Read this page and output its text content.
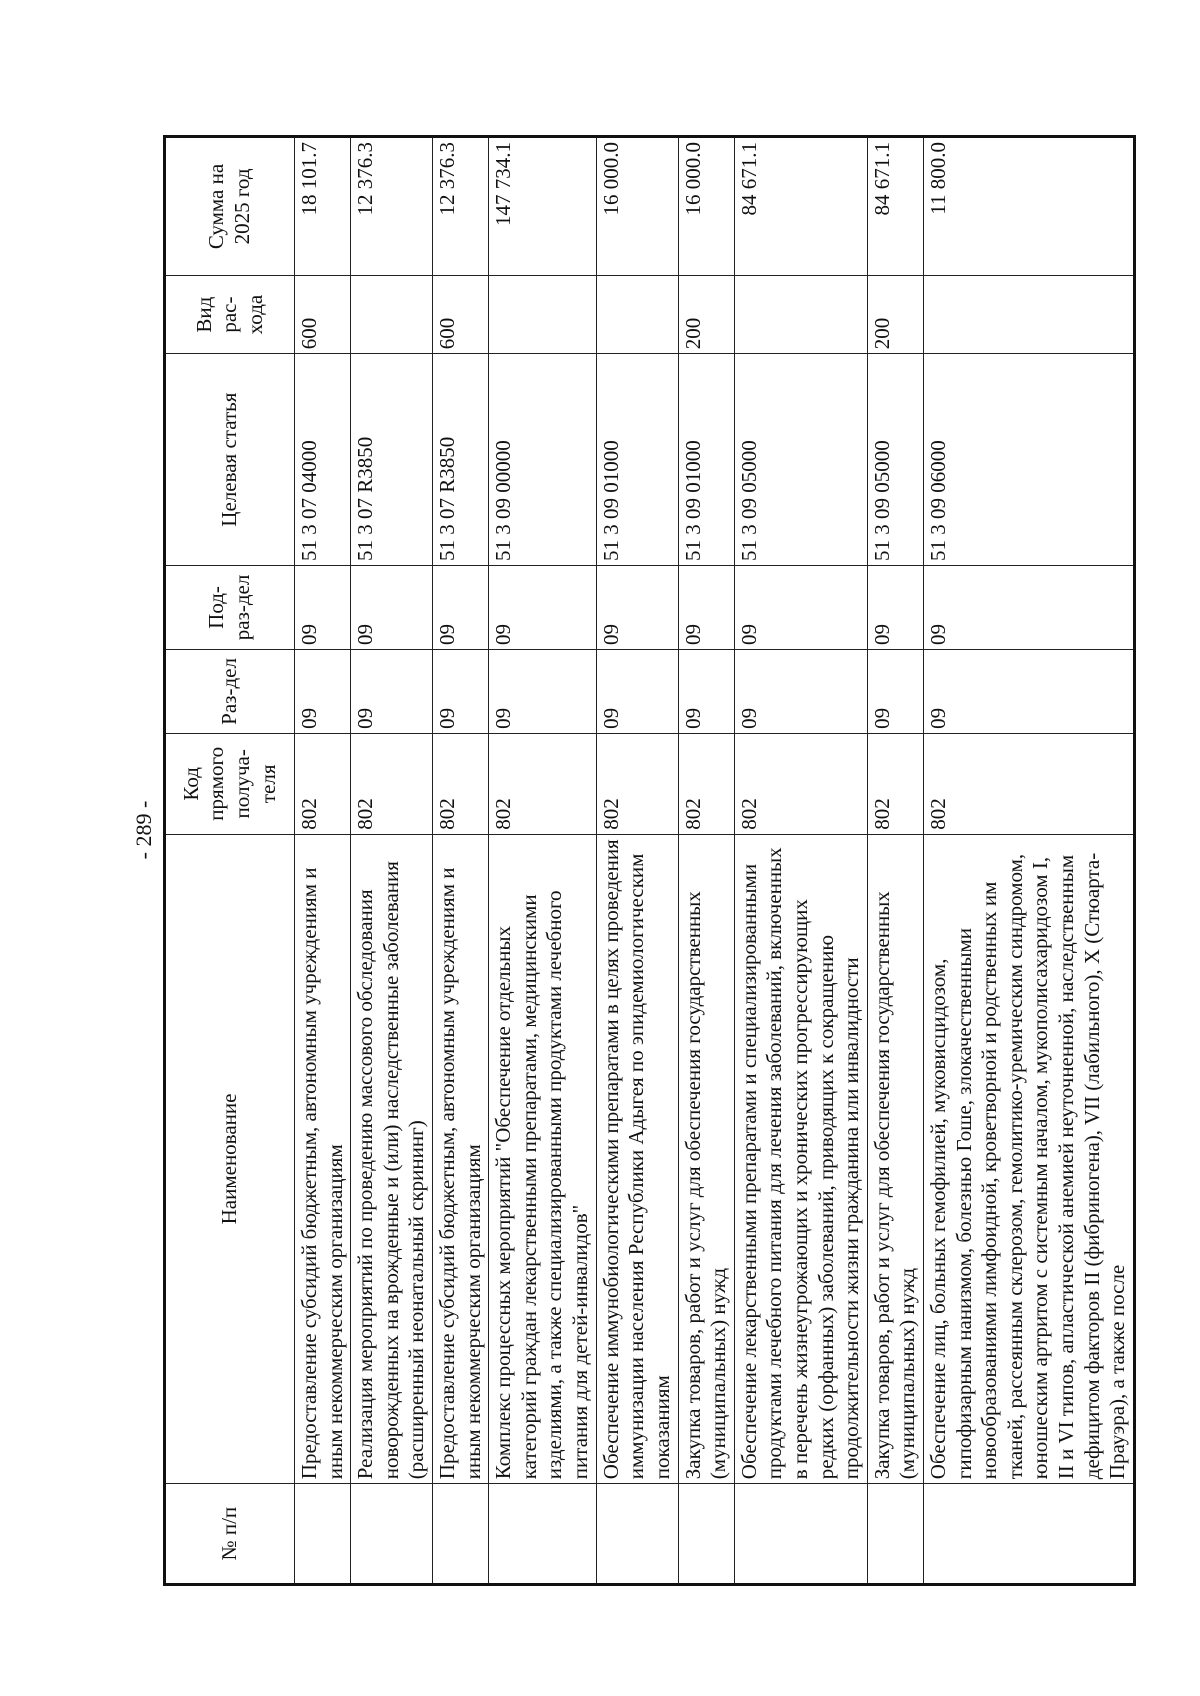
- 289 -
№ п/п	Наименование	Код прямого получа-теля	Раз-дел	Под-раз-дел	Целевая статья	Вид рас-хода	Сумма на 2025 год
	Предоставление субсидий бюджетным, автономным учреждениям и иным некоммерческим организациям	802	09	09	51 3 07 04000	600	18 101.7
	Реализация мероприятий по проведению массового обследования новорожденных на врожденные и (или) наследственные заболевания (расширенный неонатальный скрининг)	802	09	09	51 3 07 R3850		12 376.3
	Предоставление субсидий бюджетным, автономным учреждениям и иным некоммерческим организациям	802	09	09	51 3 07 R3850	600	12 376.3
	Комплекс процессных мероприятий "Обеспечение отдельных категорий граждан лекарственными препаратами, медицинскими изделиями, а также специализированными продуктами лечебного питания для детей-инвалидов"	802	09	09	51 3 09 00000		147 734.1
	Обеспечение иммунобиологическими препаратами в целях проведения иммунизации населения Республики Адыгея по эпидемиологическим показаниям	802	09	09	51 3 09 01000		16 000.0
	Закупка товаров, работ и услуг для обеспечения государственных (муниципальных) нужд	802	09	09	51 3 09 01000	200	16 000.0
	Обеспечение лекарственными препаратами и специализированными продуктами лечебного питания для лечения заболеваний, включенных в перечень жизнеугрожающих и хронических прогрессирующих редких (орфанных) заболеваний, приводящих к сокращению продолжительности жизни гражданина или инвалидности	802	09	09	51 3 09 05000		84 671.1
	Закупка товаров, работ и услуг для обеспечения государственных (муниципальных) нужд	802	09	09	51 3 09 05000	200	84 671.1
	Обеспечение лиц, больных гемофилией, муковисцидозом, гипофизарным нанизмом, болезнью Гоше, злокачественными новообразованиями лимфоидной, кроветворной и родственных им тканей, рассеянным склерозом, гемолитико-уремическим синдромом, юношеским артритом с системным началом, мукополисахаридозом I, II и VI типов, апластической анемией неуточненной, наследственным дефицитом факторов II (фибриногена), VII (лабильного), X (Стюарта-Прауэра), а также после	802	09	09	51 3 09 06000		11 800.0
